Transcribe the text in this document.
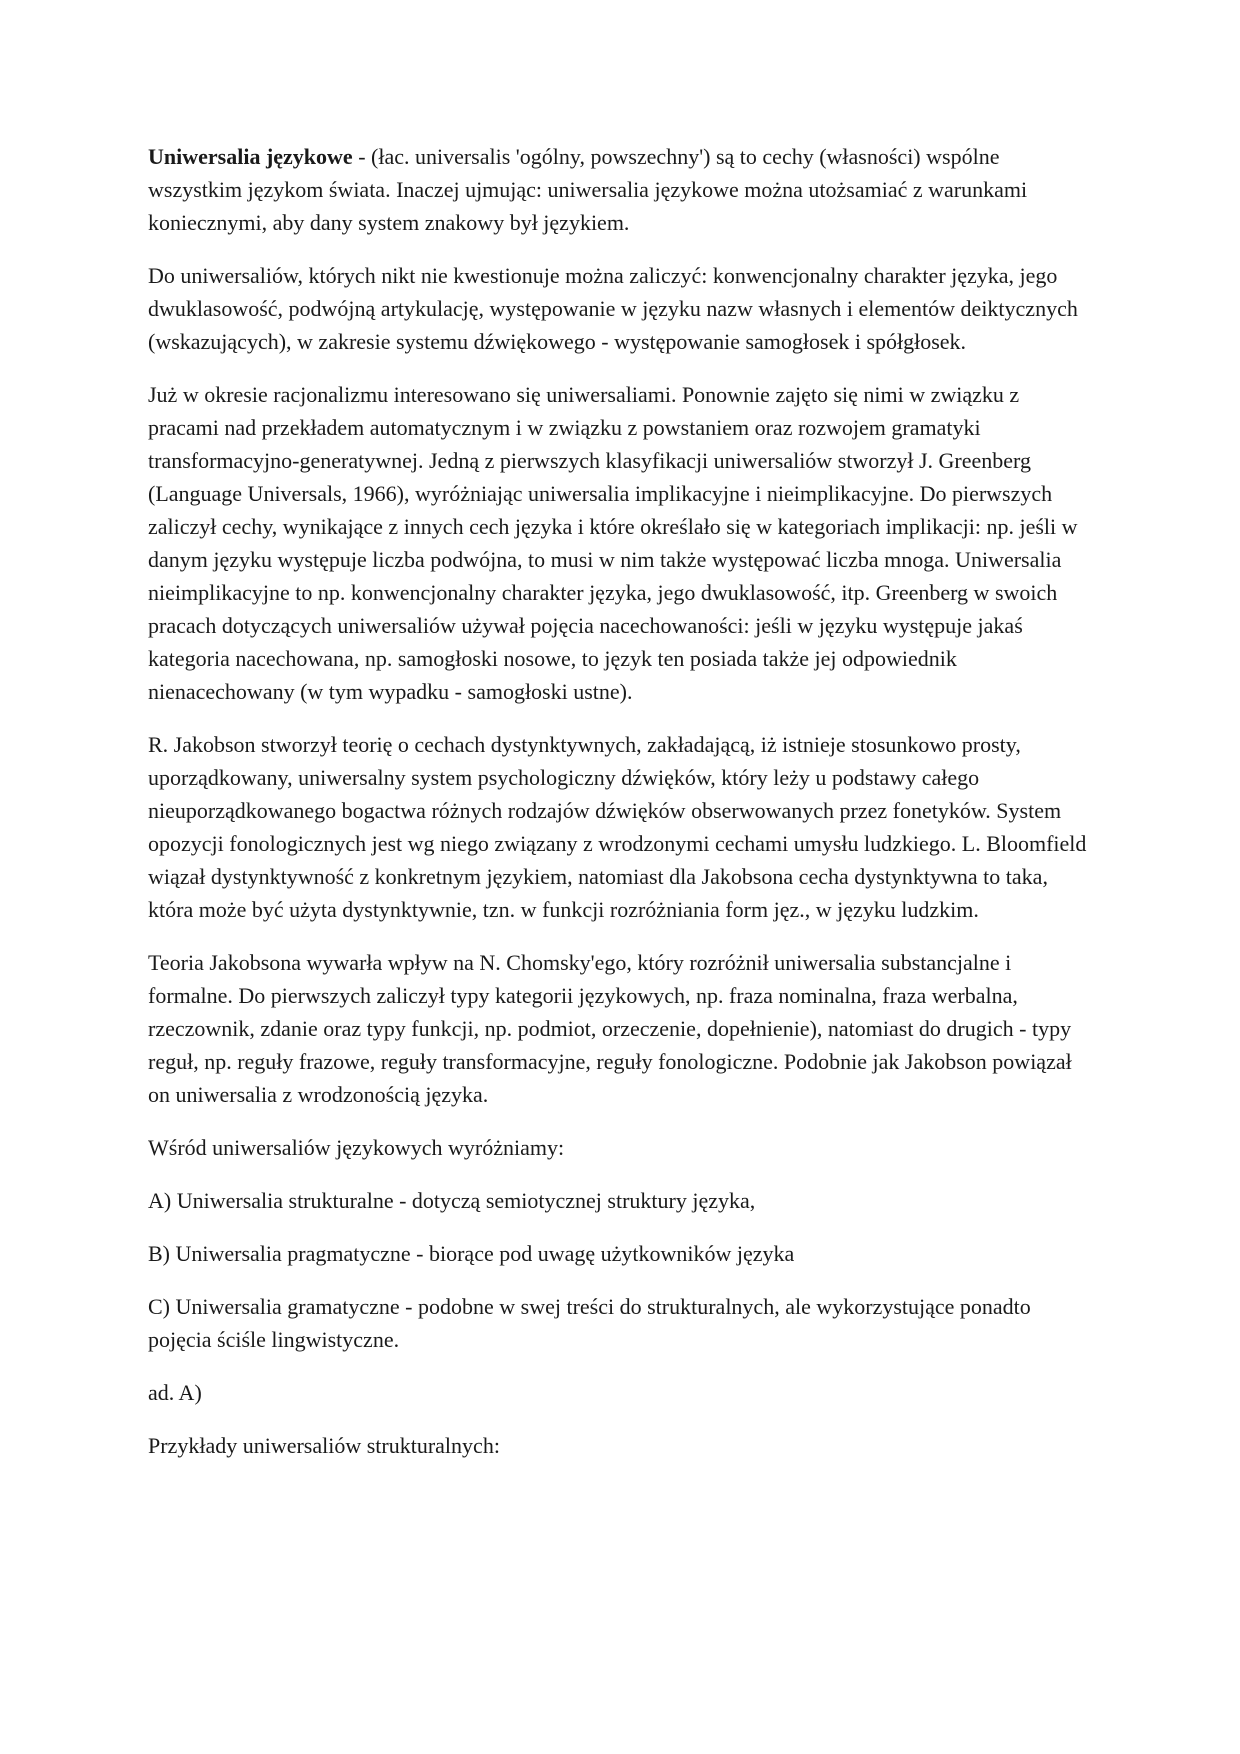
Uniwersalia językowe - (łac. universalis 'ogólny, powszechny') są to cechy (własności) wspólne wszystkim językom świata. Inaczej ujmując: uniwersalia językowe można utożsamiać z warunkami koniecznymi, aby dany system znakowy był językiem.

Do uniwersaliów, których nikt nie kwestionuje można zaliczyć: konwencjonalny charakter języka, jego dwuklasowość, podwójną artykulację, występowanie w języku nazw własnych i elementów deiktycznych (wskazujących), w zakresie systemu dźwiękowego - występowanie samogłosek i spółgłosek.

Już w okresie racjonalizmu interesowano się uniwersaliami. Ponownie zajęto się nimi w związku z pracami nad przekładem automatycznym i w związku z powstaniem oraz rozwojem gramatyki transformacyjno-generatywnej. Jedną z pierwszych klasyfikacji uniwersaliów stworzył J. Greenberg (Language Universals, 1966), wyróżniając uniwersalia implikacyjne i nieimplikacyjne. Do pierwszych zaliczył cechy, wynikające z innych cech języka i które określało się w kategoriach implikacji: np. jeśli w danym języku występuje liczba podwójna, to musi w nim także występować liczba mnoga. Uniwersalia nieimplikacyjne to np. konwencjonalny charakter języka, jego dwuklasowość, itp. Greenberg w swoich pracach dotyczących uniwersaliów używał pojęcia nacechowaności: jeśli w języku występuje jakaś kategoria nacechowana, np. samogłoski nosowe, to język ten posiada także jej odpowiednik nienacechowany (w tym wypadku - samogłoski ustne).

R. Jakobson stworzył teorię o cechach dystynktywnych, zakładającą, iż istnieje stosunkowo prosty, uporządkowany, uniwersalny system psychologiczny dźwięków, który leży u podstawy całego nieuporządkowanego bogactwa różnych rodzajów dźwięków obserwowanych przez fonetyków. System opozycji fonologicznych jest wg niego związany z wrodzonymi cechami umysłu ludzkiego. L. Bloomfield wiązał dystynktywność z konkretnym językiem, natomiast dla Jakobsona cecha dystynktywna to taka, która może być użyta dystynktywnie, tzn. w funkcji rozróżniania form jęz., w języku ludzkim.

Teoria Jakobsona wywarła wpływ na N. Chomsky'ego, który rozróżnił uniwersalia substancjalne i formalne. Do pierwszych zaliczył typy kategorii językowych, np. fraza nominalna, fraza werbalna, rzeczownik, zdanie oraz typy funkcji, np. podmiot, orzeczenie, dopełnienie), natomiast do drugich - typy reguł, np. reguły frazowe, reguły transformacyjne, reguły fonologiczne. Podobnie jak Jakobson powiązał on uniwersalia z wrodzonością języka.

Wśród uniwersaliów językowych wyróżniamy:

A) Uniwersalia strukturalne - dotyczą semiotycznej struktury języka,

B) Uniwersalia pragmatyczne - biorące pod uwagę użytkowników języka

C) Uniwersalia gramatyczne - podobne w swej treści do strukturalnych, ale wykorzystujące ponadto pojęcia ściśle lingwistyczne.

ad. A)

Przykłady uniwersaliów strukturalnych:
